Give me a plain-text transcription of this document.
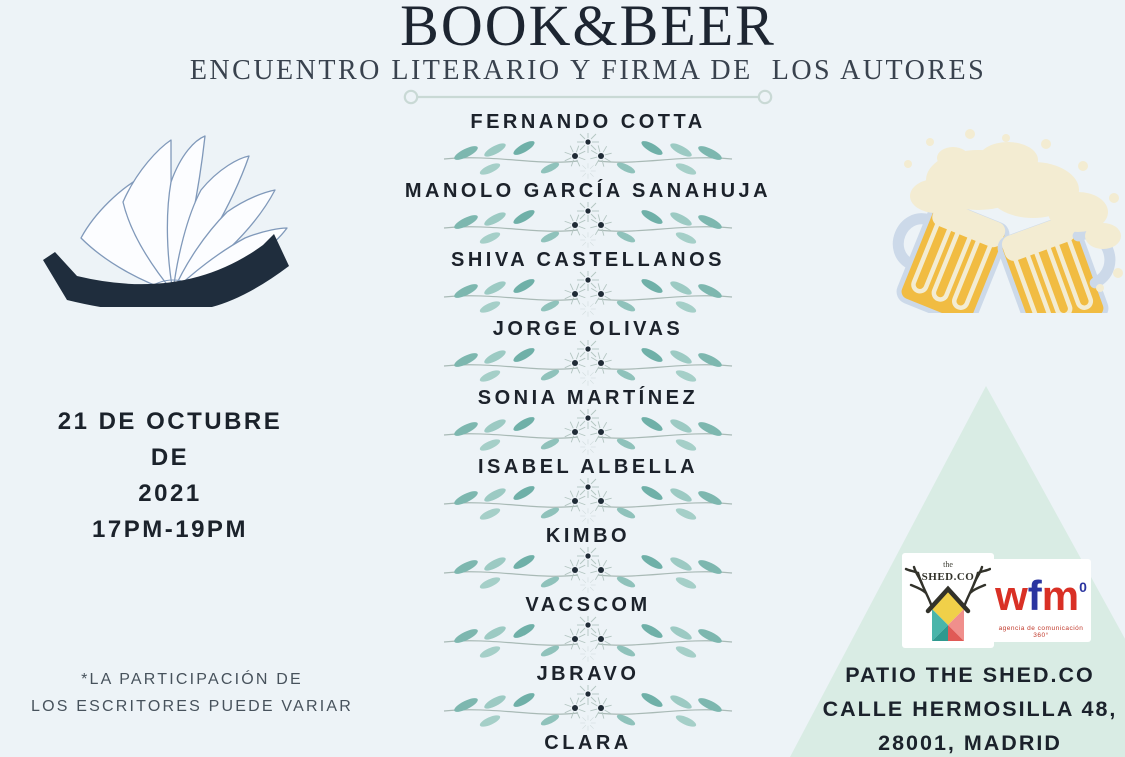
BOOK&BEER
ENCUENTRO LITERARIO Y FIRMA DE  LOS AUTORES
FERNANDO COTTA
MANOLO GARCÍA SANAHUJA
SHIVA CASTELLANOS
JORGE OLIVAS
SONIA MARTÍNEZ
ISABEL ALBELLA
KIMBO
VACSCOM
JBRAVO
CLARA
21 DE OCTUBRE DE
2021
17PM-19PM
*LA PARTICIPACIÓN DE
LOS ESCRITORES PUEDE VARIAR
the
SHED.CO wfm$^0$
agencia de comunicación 360°
PATIO THE SHED.CO
CALLE HERMOSILLA 48,
28001, MADRID
